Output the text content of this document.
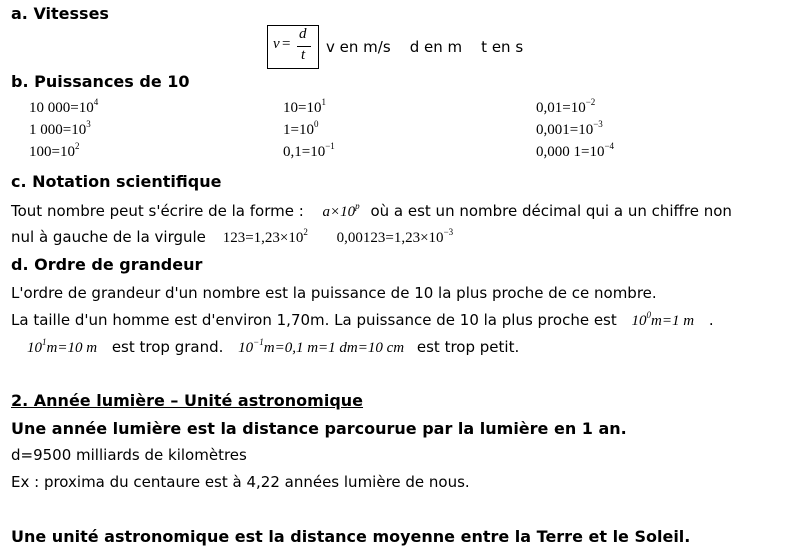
a. Vitesses
v =
d
t v en m/s    d en m    t en s
b. Puissances de 10
10 $000=10^4$	$10=10^1$	$0,01=10^{-2}$
1 $000=10^3$	$1=10^0$	$0,001=10^{-3}$
$100=10^2$	$0,1=10^{-1}$	0,000 $1=10^{-4}$
c. Notation scientifique
Tout nombre peut s'écrire de la forme : $a\times 10^p$ où a est un nombre décimal qui a un chiffre non
nul à gauche de la virgule $123=1,23\times 10^2$ $0,00123=1,23\times 10^{-3}$
d. Ordre de grandeur
L'ordre de grandeur d'un nombre est la puissance de 10 la plus proche de ce nombre.
La taille d'un homme est d'environ 1,70m. La puissance de 10 la plus proche est $10^0m=1$ m .
$10^1m=10$ m est trop grand. $10^{-1}m=0,1$ m=1 dm=10 cm est trop petit.
2. Année lumière – Unité astronomique
Une année lumière est la distance parcourue par la lumière en 1 an.
d=9500 milliards de kilomètres
Ex : proxima du centaure est à 4,22 années lumière de nous.
Une unité astronomique est la distance moyenne entre la Terre et le Soleil.
